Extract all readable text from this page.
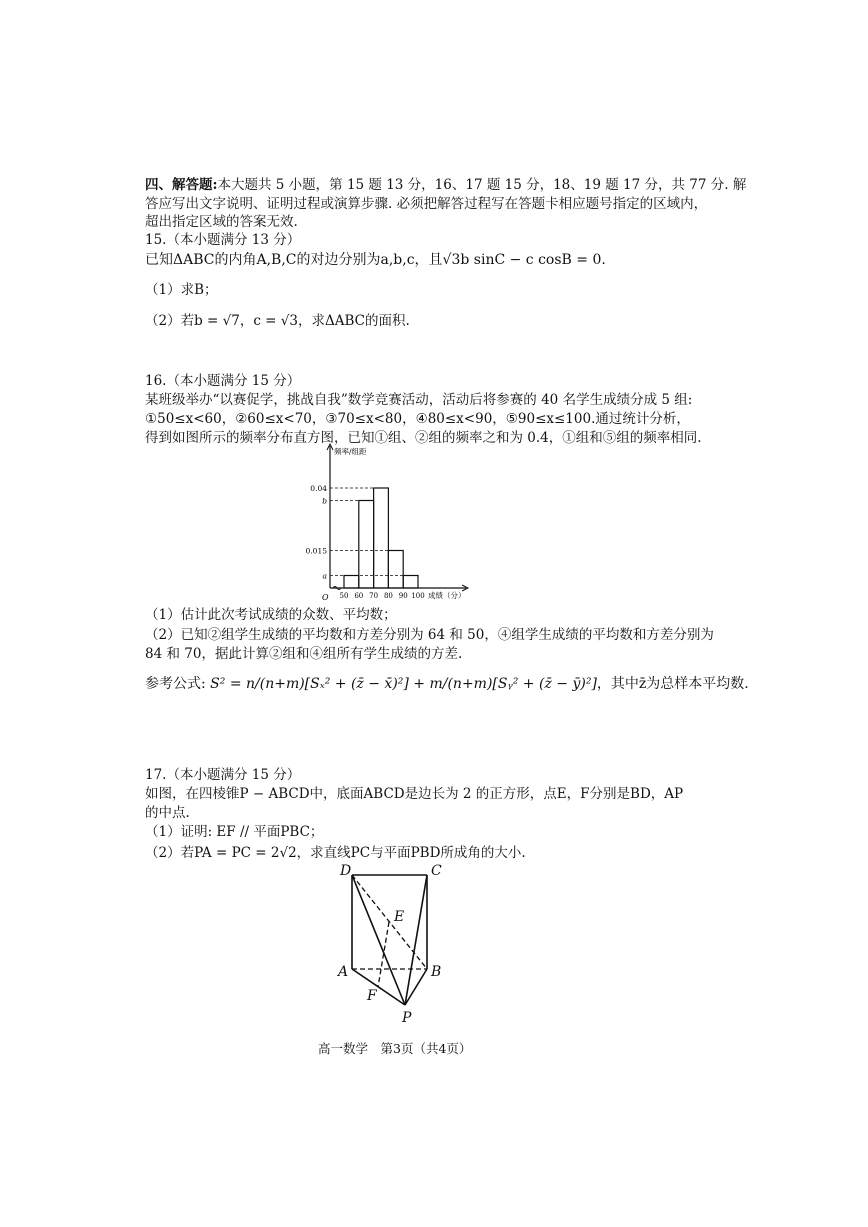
四、解答题:本大题共 5 小题，第 15 题 13 分，16、17 题 15 分，18、19 题 17 分，共 77 分. 解
答应写出文字说明、证明过程或演算步骤. 必须把解答过程写在答题卡相应题号指定的区域内，
超出指定区域的答案无效.
15.（本小题满分 13 分）
已知ΔABC的内角A,B,C的对边分别为a,b,c，且√3b sinC − c cosB = 0.
（1）求B；
（2）若b = √7，c = √3，求ΔABC的面积.
16.（本小题满分 15 分）
某班级举办“以赛促学，挑战自我”数学竞赛活动，活动后将参赛的 40 名学生成绩分成 5 组:
①50≤x<60，②60≤x<70，③70≤x<80，④80≤x<90，⑤90≤x≤100.通过统计分析，
得到如图所示的频率分布直方图，已知①组、②组的频率之和为 0.4，①组和⑤组的频率相同.
频率/组距
成绩（分）
O
a
0.015
b
0.04
50 60 70 80 90 100
（1）估计此次考试成绩的众数、平均数；
（2）已知②组学生成绩的平均数和方差分别为 64 和 50，④组学生成绩的平均数和方差分别为
84 和 70，据此计算②组和④组所有学生成绩的方差.
参考公式: S² = n/(n+m)[Sₓ² + (z̄ − x̄)²] + m/(n+m)[Sᵧ² + (z̄ − ȳ)²]，其中z̄为总样本平均数.
17.（本小题满分 15 分）
如图，在四棱锥P − ABCD中，底面ABCD是边长为 2 的正方形，点E，F分别是BD，AP
的中点.
（1）证明: EF // 平面PBC；
（2）若PA = PC = 2√2，求直线PC与平面PBD所成角的大小.
D	C
E
A	B
F
P
高一数学　第3页（共4页）
